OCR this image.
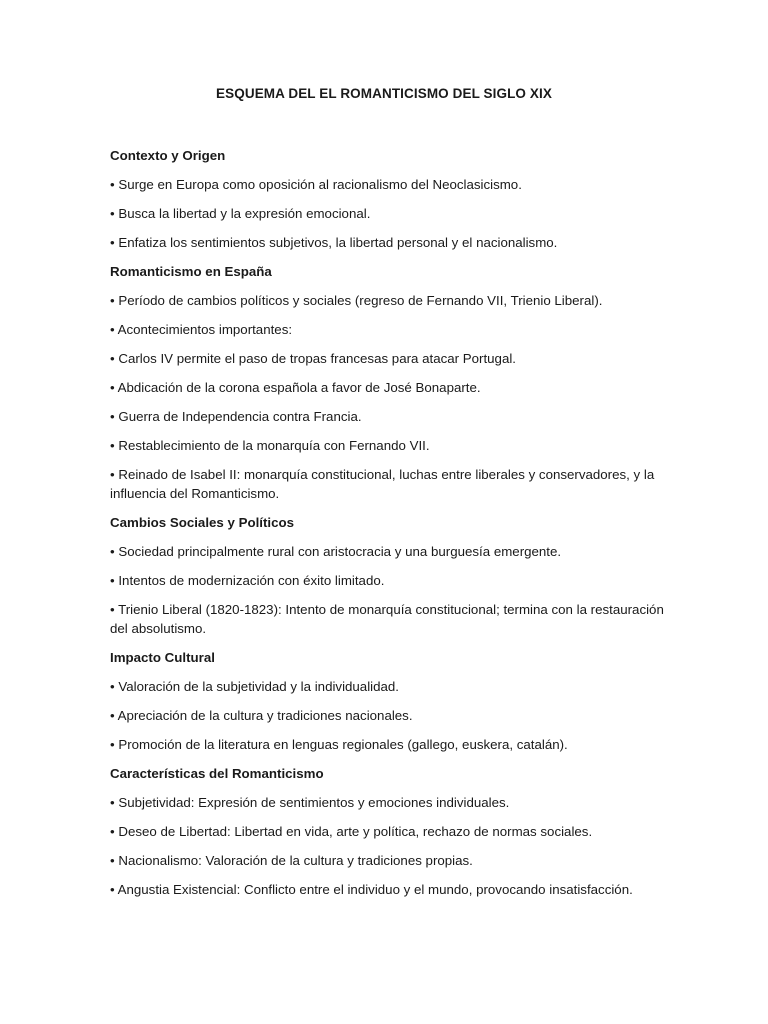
ESQUEMA DEL EL ROMANTICISMO DEL SIGLO XIX
Contexto y Origen
• Surge en Europa como oposición al racionalismo del Neoclasicismo.
• Busca la libertad y la expresión emocional.
• Enfatiza los sentimientos subjetivos, la libertad personal y el nacionalismo.
Romanticismo en España
• Período de cambios políticos y sociales (regreso de Fernando VII, Trienio Liberal).
• Acontecimientos importantes:
• Carlos IV permite el paso de tropas francesas para atacar Portugal.
• Abdicación de la corona española a favor de José Bonaparte.
• Guerra de Independencia contra Francia.
• Restablecimiento de la monarquía con Fernando VII.
• Reinado de Isabel II: monarquía constitucional, luchas entre liberales y conservadores, y la influencia del Romanticismo.
Cambios Sociales y Políticos
• Sociedad principalmente rural con aristocracia y una burguesía emergente.
• Intentos de modernización con éxito limitado.
• Trienio Liberal (1820-1823): Intento de monarquía constitucional; termina con la restauración del absolutismo.
Impacto Cultural
• Valoración de la subjetividad y la individualidad.
• Apreciación de la cultura y tradiciones nacionales.
• Promoción de la literatura en lenguas regionales (gallego, euskera, catalán).
Características del Romanticismo
• Subjetividad: Expresión de sentimientos y emociones individuales.
• Deseo de Libertad: Libertad en vida, arte y política, rechazo de normas sociales.
• Nacionalismo: Valoración de la cultura y tradiciones propias.
• Angustia Existencial: Conflicto entre el individuo y el mundo, provocando insatisfacción.
